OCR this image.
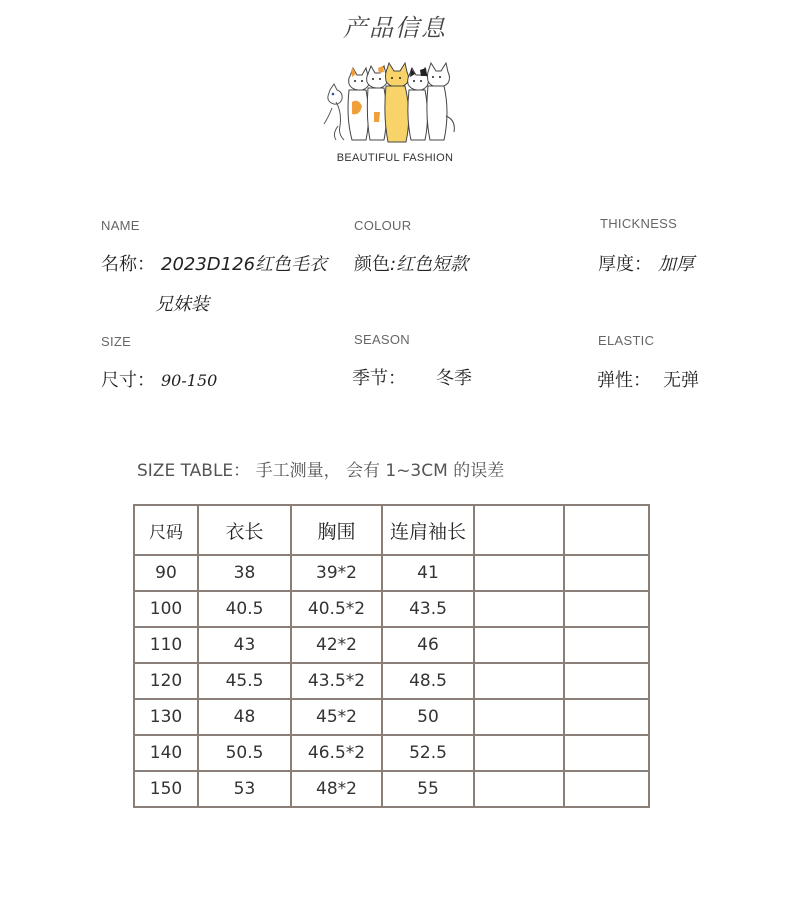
产品信息
BEAUTIFUL FASHION
NAME
名称： 2023D126红色毛衣
兄妹装
COLOUR
颜色:红色短款
THICKNESS
厚度： 加厚
SIZE
尺寸： 90-150
SEASON
季节： 冬季
ELASTIC
弹性： 无弹
SIZE TABLE： 手工测量， 会有 1~3CM 的误差
尺码	衣长	胸围	连肩袖长		
90	38	39*2	41		
100	40.5	40.5*2	43.5		
110	43	42*2	46		
120	45.5	43.5*2	48.5		
130	48	45*2	50		
140	50.5	46.5*2	52.5		
150	53	48*2	55		
